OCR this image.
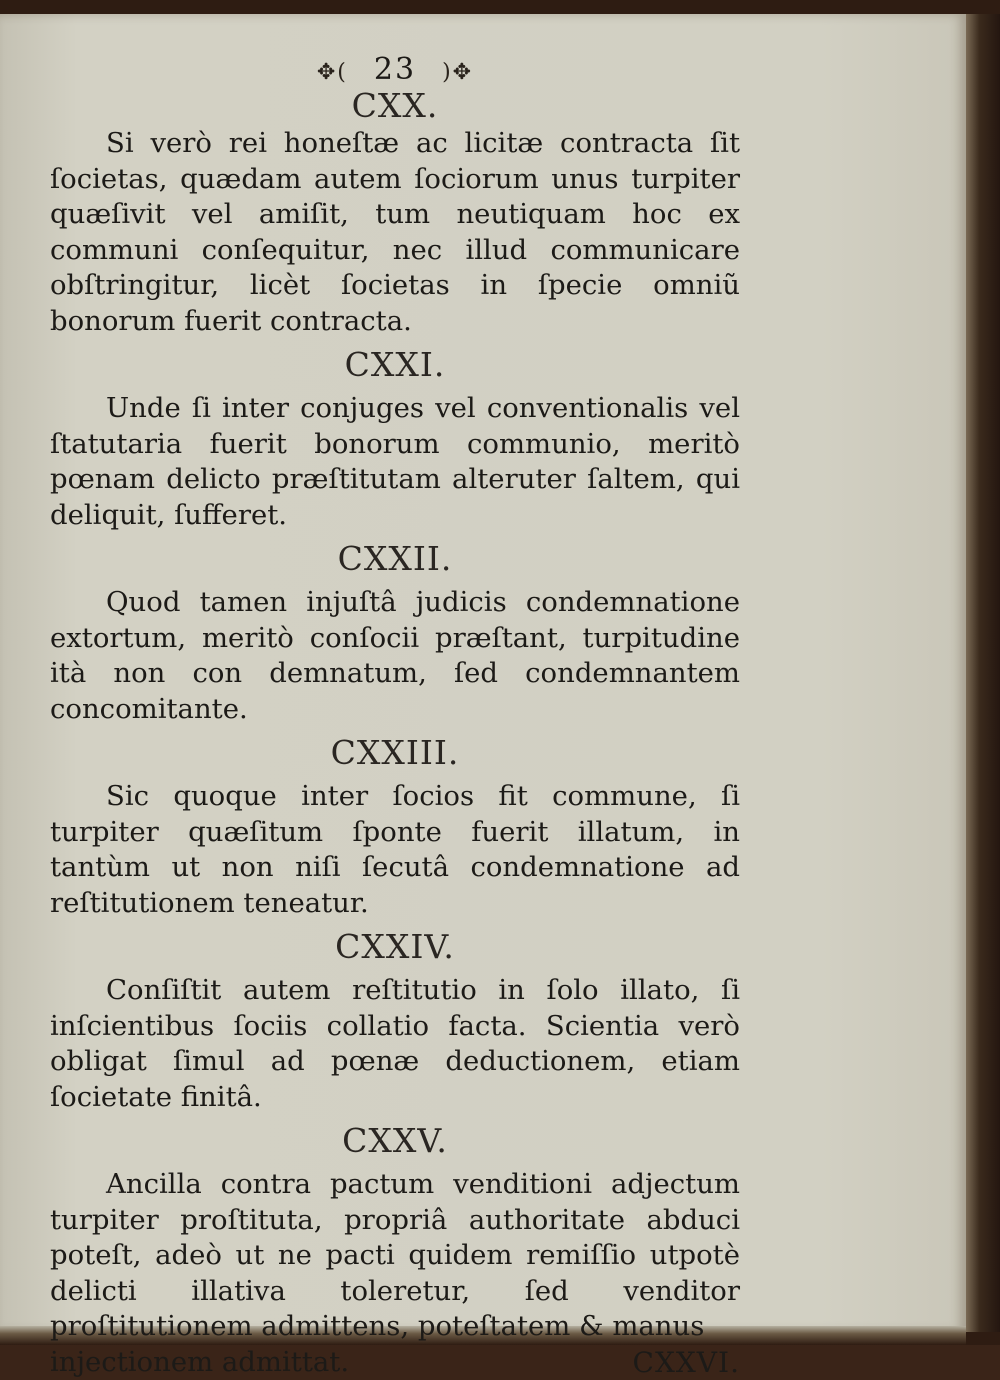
✥( 23 )✥
CXX.

Si verò rei honeſtæ ac licitæ contracta ſit ſocietas, quædam autem ſociorum unus turpiter quæſivit vel amiſit, tum neutiquam hoc ex communi conſequitur, nec illud communicare obſtringitur, licèt ſocietas in ſpecie omniũ bonorum fuerit contracta.

CXXI.

Unde ſi inter conjuges vel conventionalis vel ſtatutaria fuerit bonorum communio, meritò pœnam delicto præſtitutam alteruter ſaltem, qui deliquit, ſufferet.

CXXII.

Quod tamen injuſtâ judicis condemnatione extortum, meritò conſocii præſtant, turpitudine ità non con demnatum, ſed condemnantem concomitante.

CXXIII.

Sic quoque inter ſocios fit commune, ſi turpiter quæſitum ſponte fuerit illatum, in tantùm ut non niſi ſecutâ condemnatione ad reſtitutionem teneatur.

CXXIV.

Conſiſtit autem reſtitutio in ſolo illato, ſi inſcientibus ſociis collatio facta. Scientia verò obligat ſimul ad pœnæ deductionem, etiam ſocietate finitâ.

CXXV.

Ancilla contra pactum venditioni adjectum turpiter proſtituta, propriâ authoritate abduci poteſt, adeò ut ne pacti quidem remiſſio utpotè delicti illativa toleretur, ſed venditor proſtitutionem admittens, poteſtatem & manus

injectionem admittat.	CXXVI.
